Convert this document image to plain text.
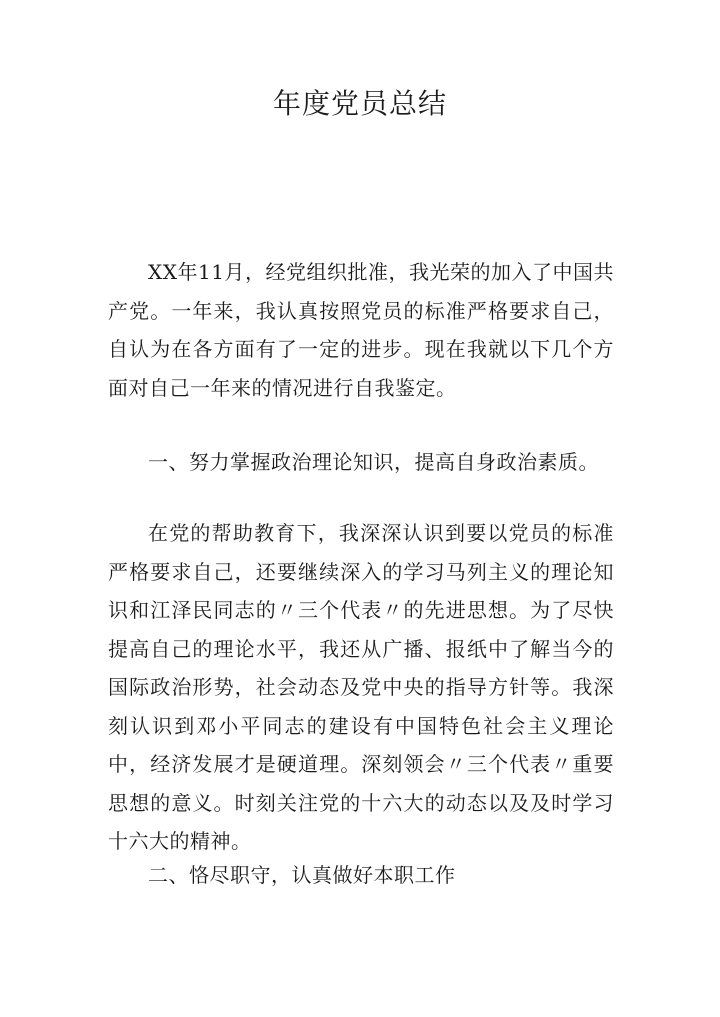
年度党员总结

XX年11月，经党组织批准，我光荣的加入了中国共产党。一年来，我认真按照党员的标准严格要求自己，自认为在各方面有了一定的进步。现在我就以下几个方面对自己一年来的情况进行自我鉴定。

一、努力掌握政治理论知识，提高自身政治素质。

在党的帮助教育下，我深深认识到要以党员的标准严格要求自己，还要继续深入的学习马列主义的理论知识和江泽民同志的〃三个代表〃的先进思想。为了尽快提高自己的理论水平，我还从广播、报纸中了解当今的国际政治形势，社会动态及党中央的指导方针等。我深刻认识到邓小平同志的建设有中国特色社会主义理论中，经济发展才是硬道理。深刻领会〃三个代表〃重要思想的意义。时刻关注党的十六大的动态以及及时学习十六大的精神。

二、恪尽职守，认真做好本职工作
